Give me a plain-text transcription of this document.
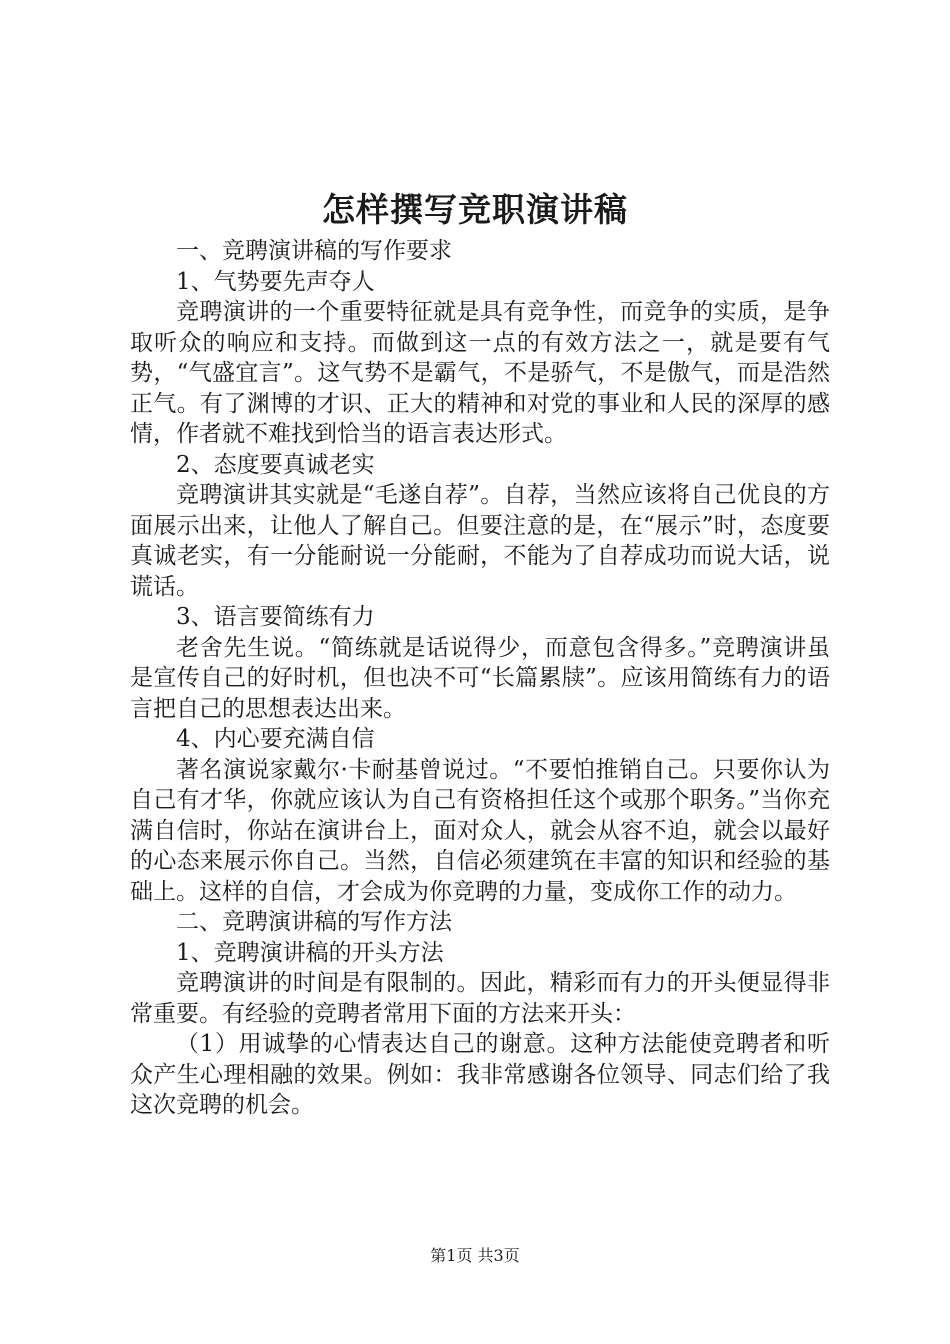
怎样撰写竞职演讲稿

一、竞聘演讲稿的写作要求

1、气势要先声夺人

竞聘演讲的一个重要特征就是具有竞争性，而竞争的实质，是争取听众的响应和支持。而做到这一点的有效方法之一，就是要有气势，“气盛宜言”。这气势不是霸气，不是骄气，不是傲气，而是浩然正气。有了渊博的才识、正大的精神和对党的事业和人民的深厚的感情，作者就不难找到恰当的语言表达形式。

2、态度要真诚老实

竞聘演讲其实就是“毛遂自荐”。自荐，当然应该将自己优良的方面展示出来，让他人了解自己。但要注意的是，在“展示”时，态度要真诚老实，有一分能耐说一分能耐，不能为了自荐成功而说大话，说谎话。

3、语言要简练有力

老舍先生说。“简练就是话说得少，而意包含得多。”竞聘演讲虽是宣传自己的好时机，但也决不可“长篇累牍”。应该用简练有力的语言把自己的思想表达出来。

4、内心要充满自信

著名演说家戴尔·卡耐基曾说过。“不要怕推销自己。只要你认为自己有才华，你就应该认为自己有资格担任这个或那个职务。”当你充满自信时，你站在演讲台上，面对众人，就会从容不迫，就会以最好的心态来展示你自己。当然，自信必须建筑在丰富的知识和经验的基础上。这样的自信，才会成为你竞聘的力量，变成你工作的动力。

二、竞聘演讲稿的写作方法

1、竞聘演讲稿的开头方法

竞聘演讲的时间是有限制的。因此，精彩而有力的开头便显得非常重要。有经验的竞聘者常用下面的方法来开头：

（1）用诚挚的心情表达自己的谢意。这种方法能使竞聘者和听众产生心理相融的效果。例如：我非常感谢各位领导、同志们给了我这次竞聘的机会。

第1页 共3页
